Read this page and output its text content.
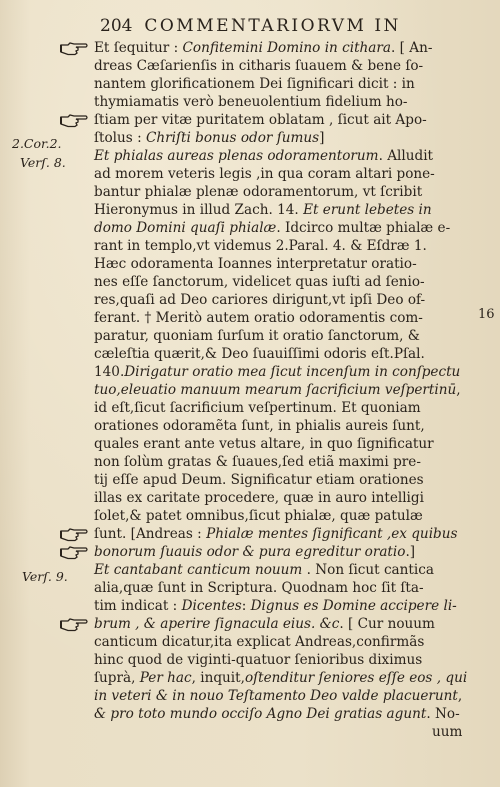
204 COMMENTARIORVM IN
Et ſequitur : Confitemini Domino in cithara. [ An-
dreas Cæſarienſis in citharis ſuauem & bene ſo-
nantem glorificationem Dei ſignificari dicit : in
thymiamatis verò beneuolentium fidelium ho-
ſtiam per vitæ puritatem oblatam , ſicut ait Apo-
ſtolus : Chriſti bonus odor ſumus]
Et phialas aureas plenas odoramentorum. Alludit
ad morem veteris legis ,in qua coram altari pone-
bantur phialæ plenæ odoramentorum, vt ſcribit
Hieronymus in illud Zach. 14. Et erunt lebetes in
domo Domini quaſi phialæ. Idcirco multæ phialæ e-
rant in templo,vt videmus 2.Paral. 4. & Eſdræ 1.
Hæc odoramenta Ioannes interpretatur oratio-
nes eſſe ſanctorum, videlicet quas iuſti ad ſenio-
res,quaſi ad Deo cariores dirigunt,vt ipſi Deo of-
ferant. † Meritò autem oratio odoramentis com-
paratur, quoniam ſurſum it oratio ſanctorum, &
cæleſtia quærit,& Deo ſuauiſſimi odoris eſt.Pſal.
140.Dirigatur oratio mea ſicut incenſum in conſpectu
tuo,eleuatio manuum mearum ſacrificium veſpertinū,
id eſt,ſicut ſacrificium veſpertinum. Et quoniam
orationes odoramẽta ſunt, in phialis aureis ſunt,
quales erant ante vetus altare, in quo ſignificatur
non ſolùm gratas & ſuaues,ſed etiã maximi pre-
tij eſſe apud Deum. Significatur etiam orationes
illas ex caritate procedere, quæ in auro intelligi
ſolet,& patet omnibus,ſicut phialæ, quæ patulæ
ſunt. [Andreas : Phialæ mentes ſignificant ,ex quibus
bonorum ſuauis odor & pura egreditur oratio.]
Et cantabant canticum nouum . Non ſicut cantica
alia,quæ ſunt in Scriptura. Quodnam hoc ſit ſta-
tim indicat : Dicentes: Dignus es Domine accipere li-
brum , & aperire ſignacula eius. &c. [ Cur nouum
canticum dicatur,ita explicat Andreas,confirmãs
hinc quod de viginti-quatuor ſenioribus diximus
ſuprà, Per hac, inquit,oſtenditur ſeniores eſſe eos , qui
in veteri & in nouo Teſtamento Deo valde placuerunt,
& pro toto mundo occiſo Agno Dei gratias agunt. No-
uum
2.Cor.2.
Verſ. 8.
Verſ. 9.
16
